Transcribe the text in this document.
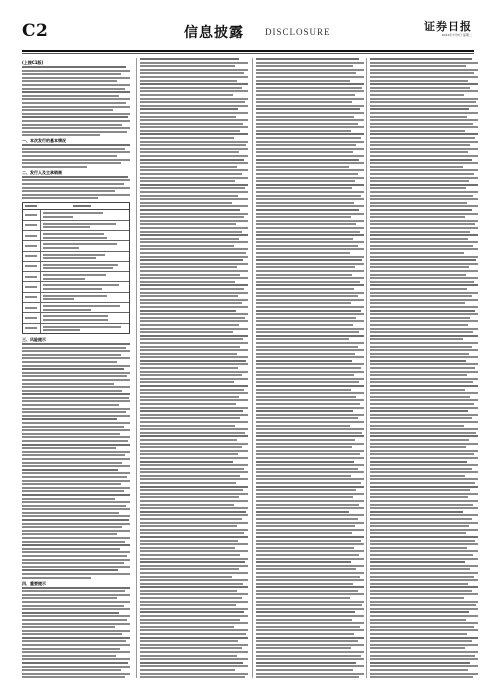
C2	信息披露 DISCLOSURE	证券日报
2022年7月5日 星期二
(上接C1版)
一、本次发行的基本情况
二、发行人及主承销商
三、风险提示
四、重要提示
